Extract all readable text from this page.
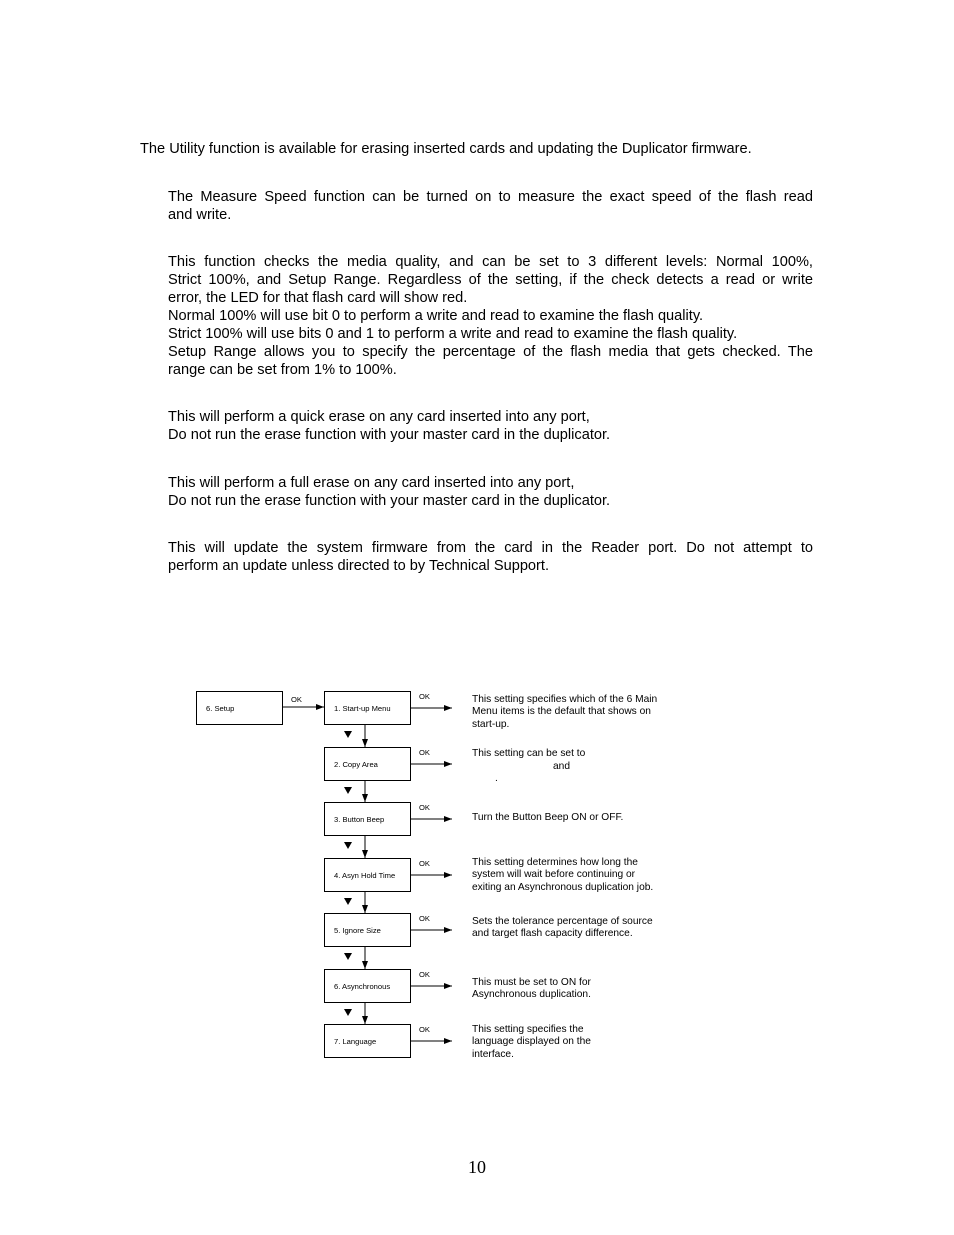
The Utility function is available for erasing inserted cards and updating the Duplicator firmware.

The Measure Speed function can be turned on to measure the exact speed of the flash read
and write.

This function checks the media quality, and can be set to 3 different levels: Normal 100%,
Strict 100%, and Setup Range. Regardless of the setting, if the check detects a read or write
error, the LED for that flash card will show red.
Normal 100% will use bit 0 to perform a write and read to examine the flash quality.
Strict 100% will use bits 0 and 1 to perform a write and read to examine the flash quality.
Setup Range allows you to specify the percentage of the flash media that gets checked. The
range can be set from 1% to 100%.

This will perform a quick erase on any card inserted into any port,
Do not run the erase function with your master card in the duplicator.

This will perform a full erase on any card inserted into any port,
Do not run the erase function with your master card in the duplicator.

This will update the system firmware from the card in the Reader port. Do not attempt to
perform an update unless directed to by Technical Support.

6. Setup
OK
1. Start-up Menu
OK	This setting specifies which of the 6 Main
Menu items is the default that shows on
start-up.
2. Copy Area
OK	This setting can be set to
and
.
3. Button Beep
OK
Turn the Button Beep ON or OFF.
4. Asyn Hold Time
OK	This setting determines how long the
system will wait before continuing or
exiting an Asynchronous duplication job.
5. Ignore Size
OK	Sets the tolerance percentage of source
and target flash capacity difference.
6. Asynchronous
OK
This must be set to ON for
Asynchronous duplication.
7. Language
OK	This setting specifies the
language displayed on the
interface.
10
